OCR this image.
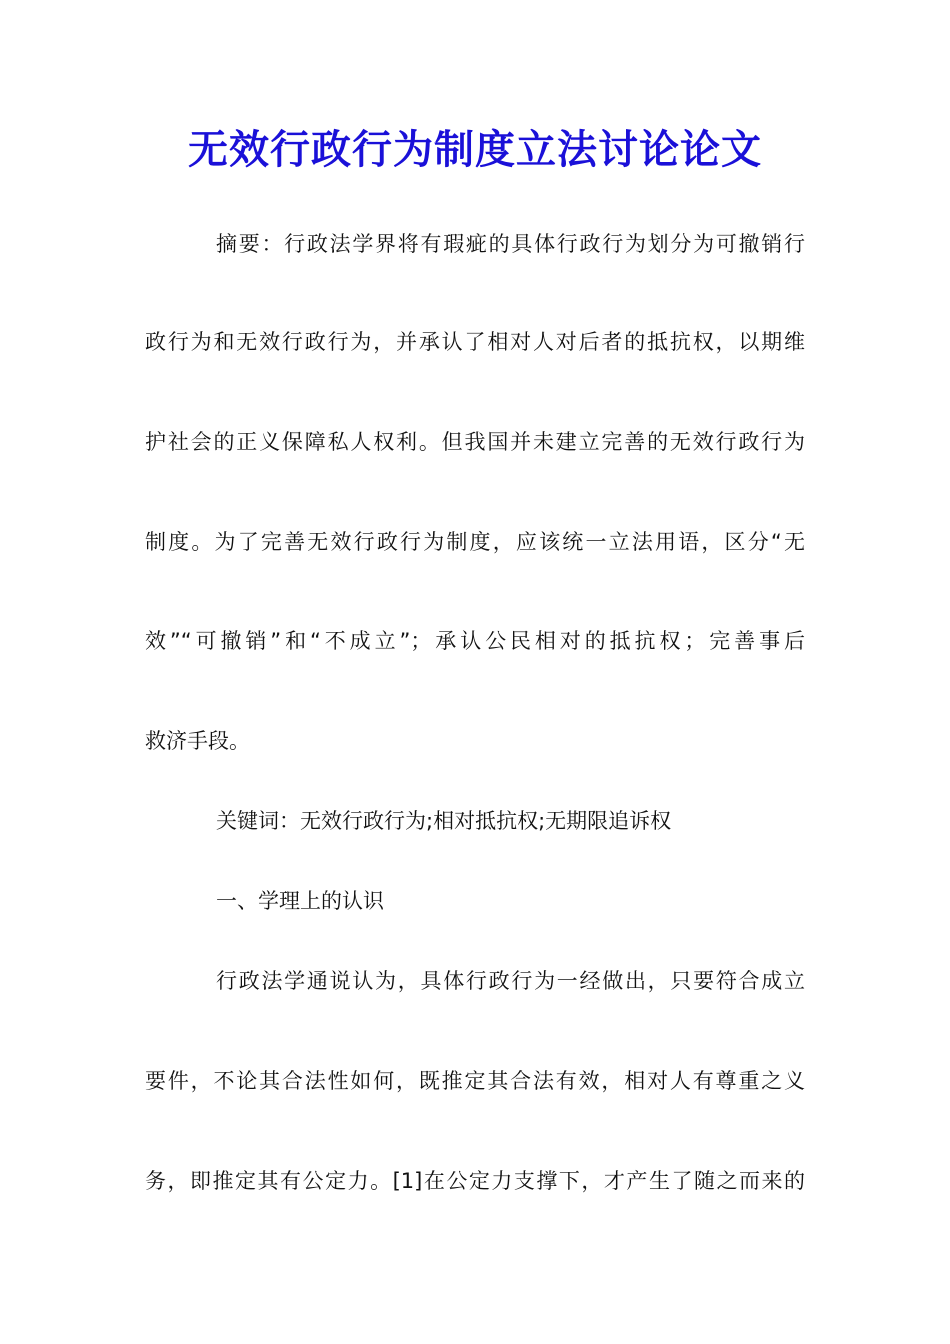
无效行政行为制度立法讨论论文
摘要：行政法学界将有瑕疵的具体行政行为划分为可撤销行
政行为和无效行政行为，并承认了相对人对后者的抵抗权，以期维
护社会的正义保障私人权利。但我国并未建立完善的无效行政行为
制度。为了完善无效行政行为制度，应该统一立法用语，区分“无
效”“可撤销”和“不成立”；承认公民相对的抵抗权；完善事后
救济手段。
关键词：无效行政行为;相对抵抗权;无期限追诉权
一、学理上的认识
行政法学通说认为，具体行政行为一经做出，只要符合成立
要件，不论其合法性如何，既推定其合法有效，相对人有尊重之义
务，即推定其有公定力。[1]在公定力支撑下，才产生了随之而来的
